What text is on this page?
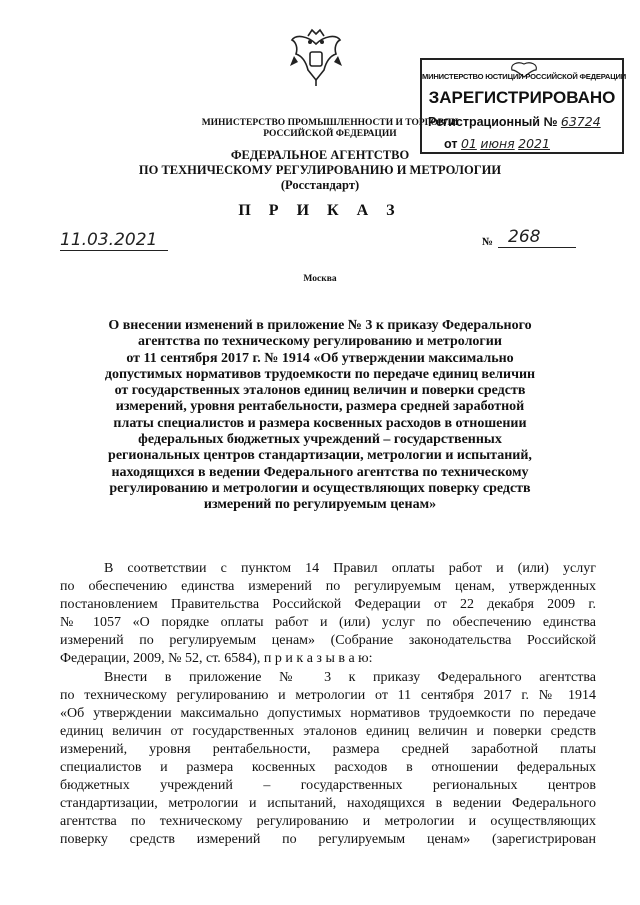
МИНИСТЕРСТВО ПРОМЫШЛЕННОСТИ И ТОРГОВЛИ
РОССИЙСКОЙ ФЕДЕРАЦИИ
ФЕДЕРАЛЬНОЕ АГЕНТСТВО
ПО ТЕХНИЧЕСКОМУ РЕГУЛИРОВАНИЮ И МЕТРОЛОГИИ
(Росстандарт)
МИНИСТЕРСТВО ЮСТИЦИИ РОССИЙСКОЙ ФЕДЕРАЦИИ
ЗАРЕГИСТРИРОВАНО
Регистрационный № 63724
от 01 июня 2021
П Р И К А З
11.03.2021	№ 268
Москва
О внесении изменений в приложение № 3 к приказу Федерального
агентства по техническому регулированию и метрологии
от 11 сентября 2017 г. № 1914 «Об утверждении максимально
допустимых нормативов трудоемкости по передаче единиц величин
от государственных эталонов единиц величин и поверки средств
измерений, уровня рентабельности, размера средней заработной
платы специалистов и размера косвенных расходов в отношении
федеральных бюджетных учреждений – государственных
региональных центров стандартизации, метрологии и испытаний,
находящихся в ведении Федерального агентства по техническому
регулированию и метрологии и осуществляющих поверку средств
измерений по регулируемым ценам»
В соответствии с пунктом 14 Правил оплаты работ и (или) услуг
по обеспечению единства измерений по регулируемым ценам, утвержденных
постановлением Правительства Российской Федерации от 22 декабря 2009 г.
№ 1057 «О порядке оплаты работ и (или) услуг по обеспечению единства
измерений по регулируемым ценам» (Собрание законодательства Российской
Федерации, 2009, № 52, ст. 6584), п р и к а з ы в а ю:
Внести в приложение № 3 к приказу Федерального агентства
по техническому регулированию и метрологии от 11 сентября 2017 г. № 1914
«Об утверждении максимально допустимых нормативов трудоемкости по передаче
единиц величин от государственных эталонов единиц величин и поверки средств
измерений, уровня рентабельности, размера средней заработной платы
специалистов и размера косвенных расходов в отношении федеральных
бюджетных учреждений – государственных региональных центров
стандартизации, метрологии и испытаний, находящихся в ведении Федерального
агентства по техническому регулированию и метрологии и осуществляющих
поверку средств измерений по регулируемым ценам» (зарегистрирован
